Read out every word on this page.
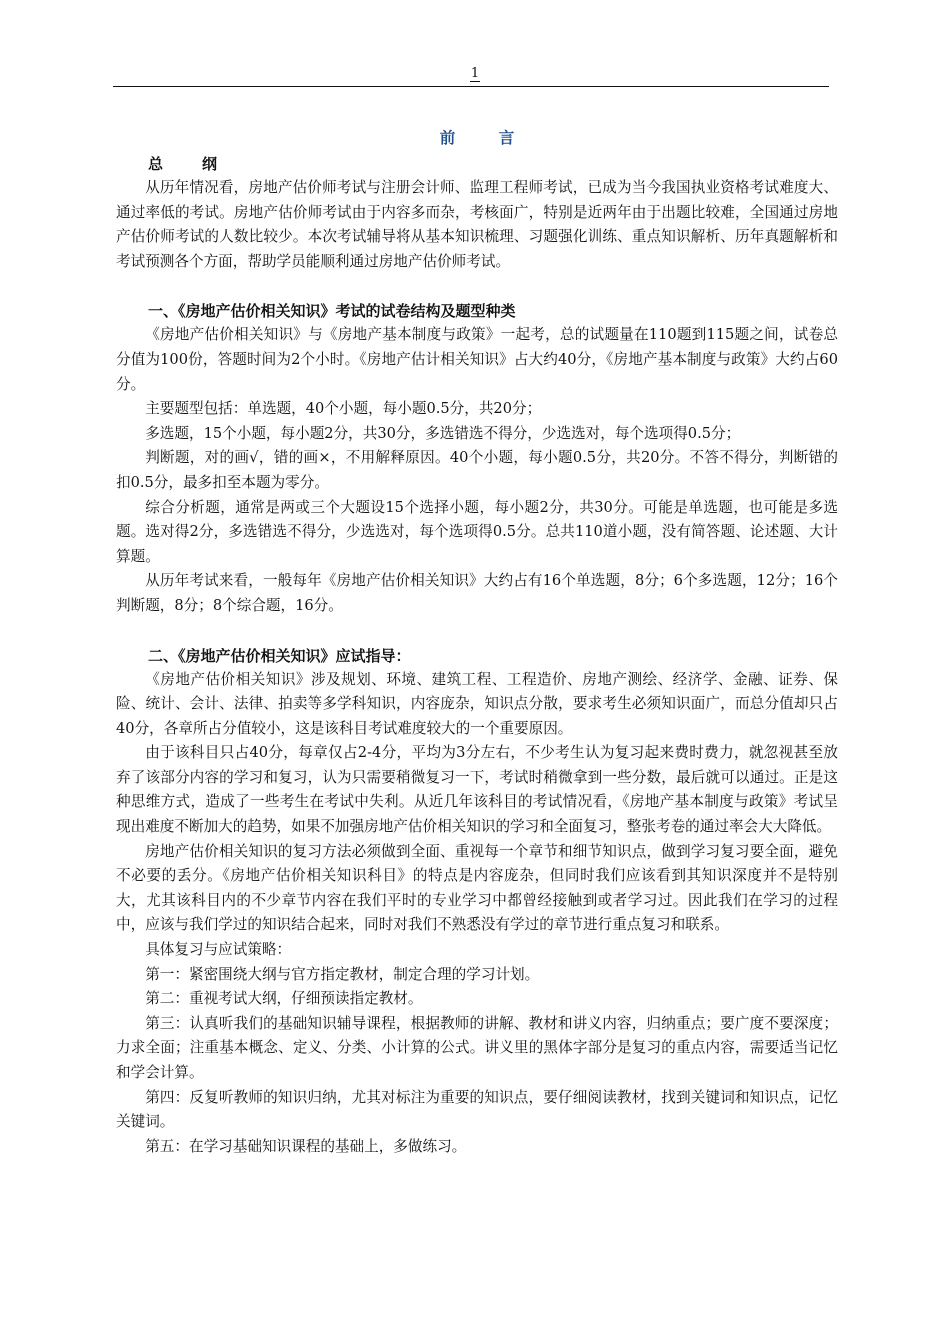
1
前　言
总　纲

从历年情况看，房地产估价师考试与注册会计师、监理工程师考试，已成为当今我国执业资格考试难度大、通过率低的考试。房地产估价师考试由于内容多而杂，考核面广，特别是近两年由于出题比较难，全国通过房地产估价师考试的人数比较少。本次考试辅导将从基本知识梳理、习题强化训练、重点知识解析、历年真题解析和考试预测各个方面，帮助学员能顺利通过房地产估价师考试。

一、《房地产估价相关知识》考试的试卷结构及题型种类

《房地产估价相关知识》与《房地产基本制度与政策》一起考，总的试题量在110题到115题之间，试卷总分值为100份，答题时间为2个小时。《房地产估计相关知识》占大约40分，《房地产基本制度与政策》大约占60分。

主要题型包括：单选题，40个小题，每小题0.5分，共20分；

多选题，15个小题，每小题2分，共30分，多选错选不得分，少选选对，每个选项得0.5分；

判断题，对的画√，错的画×，不用解释原因。40个小题，每小题0.5分，共20分。不答不得分，判断错的扣0.5分，最多扣至本题为零分。

综合分析题，通常是两或三个大题设15个选择小题，每小题2分，共30分。可能是单选题，也可能是多选题。选对得2分，多选错选不得分，少选选对，每个选项得0.5分。总共110道小题，没有简答题、论述题、大计算题。

从历年考试来看，一般每年《房地产估价相关知识》大约占有16个单选题，8分；6个多选题，12分；16个判断题，8分；8个综合题，16分。

二、《房地产估价相关知识》应试指导：

《房地产估价相关知识》涉及规划、环境、建筑工程、工程造价、房地产测绘、经济学、金融、证券、保险、统计、会计、法律、拍卖等多学科知识，内容庞杂，知识点分散，要求考生必须知识面广，而总分值却只占40分，各章所占分值较小，这是该科目考试难度较大的一个重要原因。

由于该科目只占40分，每章仅占2-4分，平均为3分左右，不少考生认为复习起来费时费力，就忽视甚至放弃了该部分内容的学习和复习，认为只需要稍微复习一下，考试时稍微拿到一些分数，最后就可以通过。正是这种思维方式，造成了一些考生在考试中失利。从近几年该科目的考试情况看，《房地产基本制度与政策》考试呈现出难度不断加大的趋势，如果不加强房地产估价相关知识的学习和全面复习，整张考卷的通过率会大大降低。

房地产估价相关知识的复习方法必须做到全面、重视每一个章节和细节知识点，做到学习复习要全面，避免不必要的丢分。《房地产估价相关知识科目》的特点是内容庞杂，但同时我们应该看到其知识深度并不是特别大，尤其该科目内的不少章节内容在我们平时的专业学习中都曾经接触到或者学习过。因此我们在学习的过程中，应该与我们学过的知识结合起来，同时对我们不熟悉没有学过的章节进行重点复习和联系。

具体复习与应试策略：

第一：紧密围绕大纲与官方指定教材，制定合理的学习计划。

第二：重视考试大纲，仔细预读指定教材。

第三：认真听我们的基础知识辅导课程，根据教师的讲解、教材和讲义内容，归纳重点；要广度不要深度；力求全面；注重基本概念、定义、分类、小计算的公式。讲义里的黑体字部分是复习的重点内容，需要适当记忆和学会计算。

第四：反复听教师的知识归纳，尤其对标注为重要的知识点，要仔细阅读教材，找到关键词和知识点，记忆关键词。

第五：在学习基础知识课程的基础上，多做练习。
